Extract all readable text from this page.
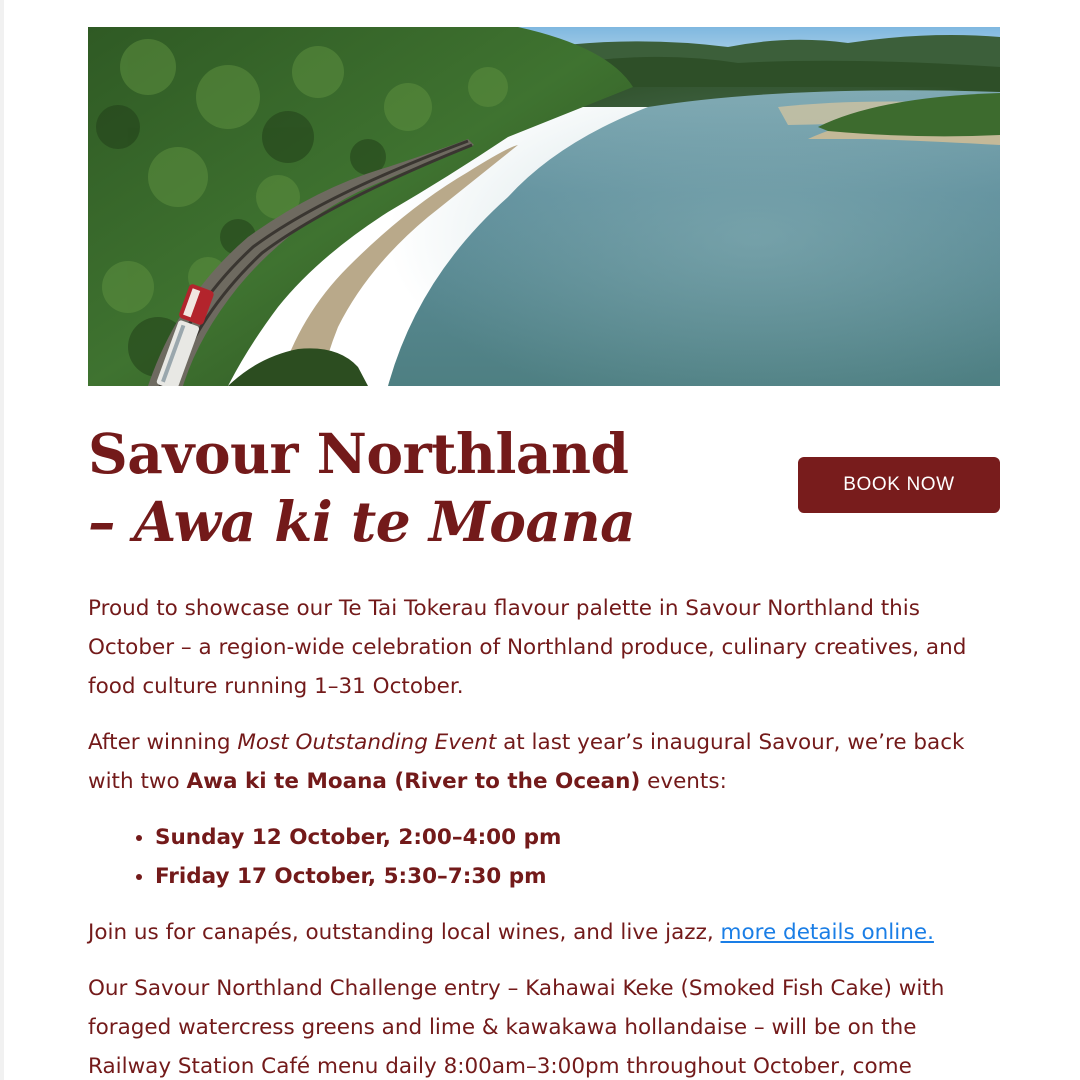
Savour Northland
– Awa ki te Moana
BOOK NOW

Proud to showcase our Te Tai Tokerau flavour palette in Savour Northland this October – a region-wide celebration of Northland produce, culinary creatives, and food culture running 1–31 October.

After winning Most Outstanding Event at last year’s inaugural Savour, we’re back with two Awa ki te Moana (River to the Ocean) events:

• Sunday 12 October, 2:00–4:00 pm
• Friday 17 October, 5:30–7:30 pm

Join us for canapés, outstanding local wines, and live jazz, more details online.

Our Savour Northland Challenge entry – Kahawai Keke (Smoked Fish Cake) with foraged watercress greens and lime & kawakawa hollandaise – will be on the Railway Station Café menu daily 8:00am–3:00pm throughout October, come
